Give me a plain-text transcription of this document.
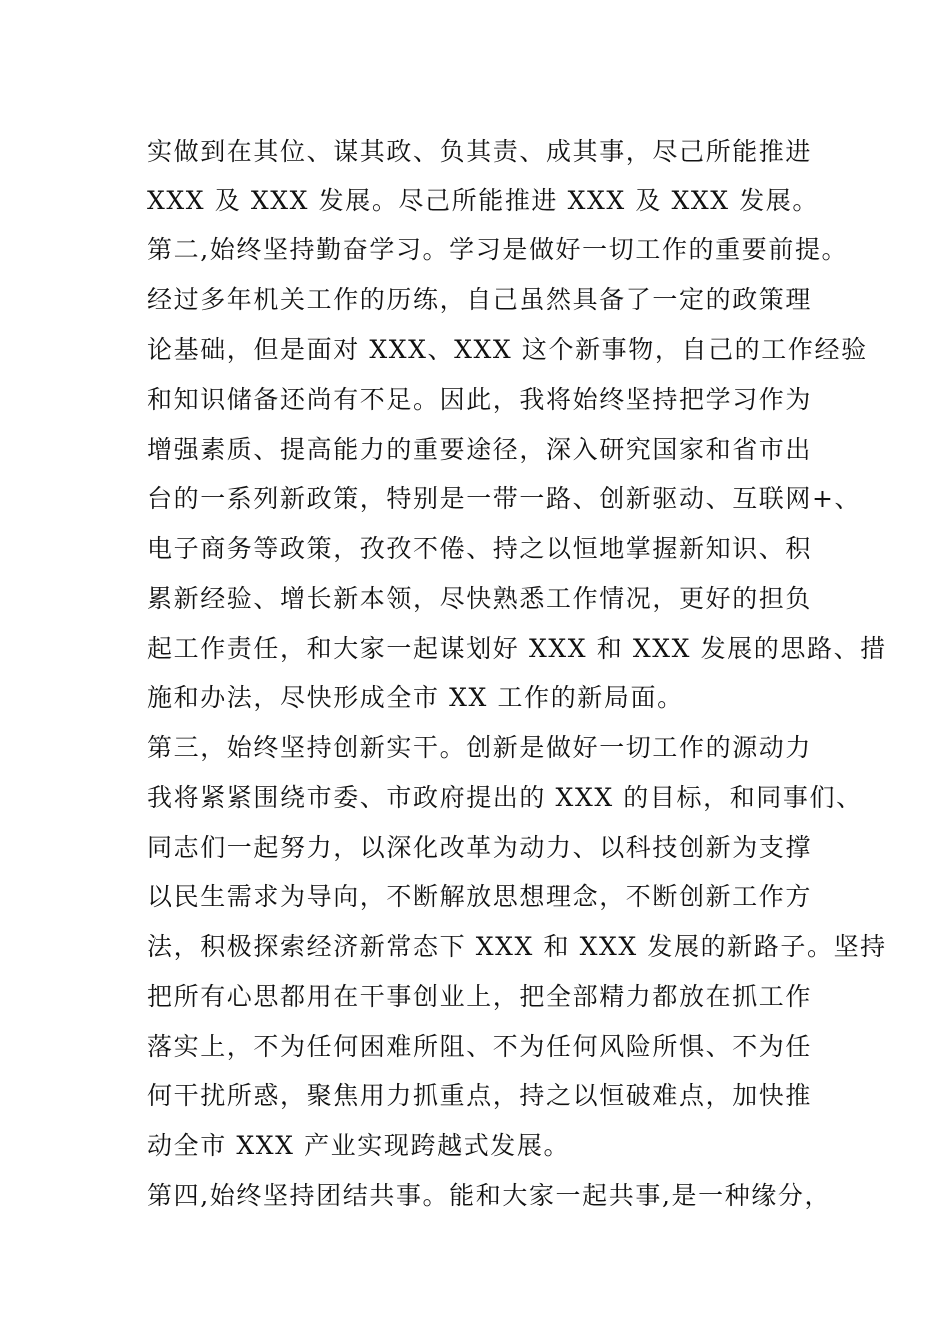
实做到在其位、谋其政、负其责、成其事，尽己所能推进
XXX 及 XXX 发展。尽己所能推进 XXX 及 XXX 发展。
第二,始终坚持勤奋学习。学习是做好一切工作的重要前提。
经过多年机关工作的历练，自己虽然具备了一定的政策理
论基础，但是面对 XXX、XXX 这个新事物，自己的工作经验
和知识储备还尚有不足。因此，我将始终坚持把学习作为
增强素质、提高能力的重要途径，深入研究国家和省市出
台的一系列新政策，特别是一带一路、创新驱动、互联网+、
电子商务等政策，孜孜不倦、持之以恒地掌握新知识、积
累新经验、增长新本领，尽快熟悉工作情况，更好的担负
起工作责任，和大家一起谋划好 XXX 和 XXX 发展的思路、措
施和办法，尽快形成全市 XX 工作的新局面。
第三，始终坚持创新实干。创新是做好一切工作的源动力
我将紧紧围绕市委、市政府提出的 XXX 的目标，和同事们、
同志们一起努力，以深化改革为动力、以科技创新为支撑
以民生需求为导向，不断解放思想理念，不断创新工作方
法，积极探索经济新常态下 XXX 和 XXX 发展的新路子。坚持
把所有心思都用在干事创业上，把全部精力都放在抓工作
落实上，不为任何困难所阻、不为任何风险所惧、不为任
何干扰所惑，聚焦用力抓重点，持之以恒破难点，加快推
动全市 XXX 产业实现跨越式发展。
第四,始终坚持团结共事。能和大家一起共事,是一种缘分，
